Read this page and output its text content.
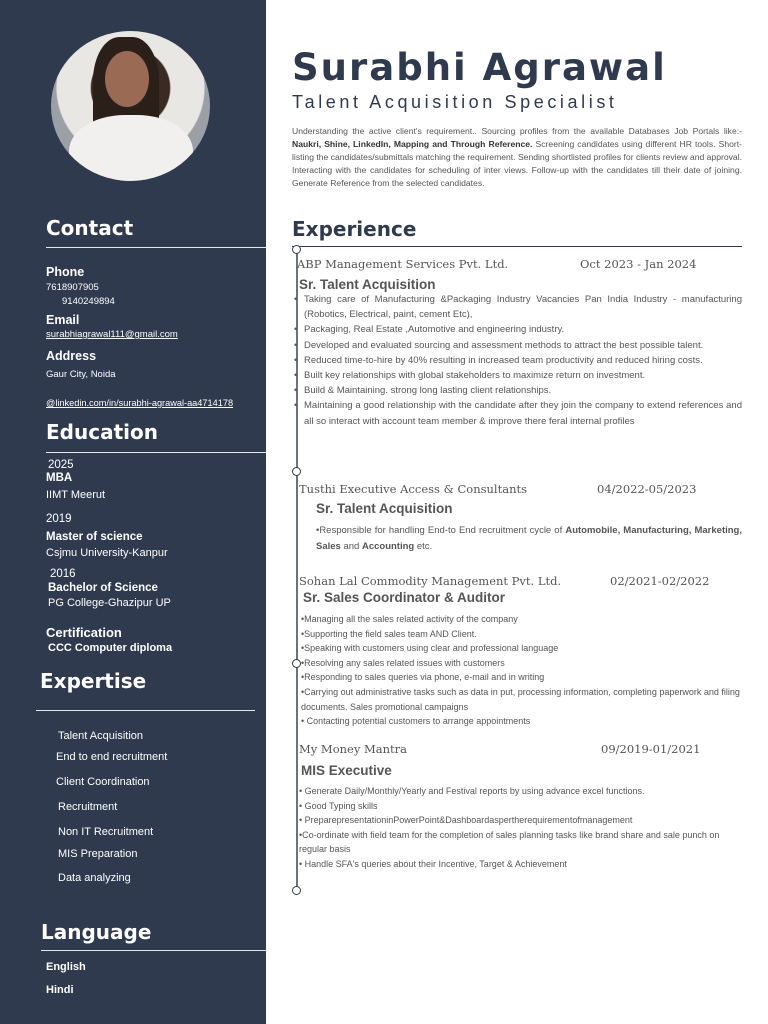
Contact
Phone
7618907905
9140249894
Email
surabhiagrawal111@gmail.com
Address
Gaur City, Noida
@linkedin.com/in/surabhi-agrawal-aa4714178
Education
2025
MBA
IIMT Meerut
2019
Master of science
Csjmu University-Kanpur
2016
Bachelor of Science
PG College-Ghazipur UP
Certification
CCC Computer diploma
Expertise
Talent Acquisition
End to end recruitment
Client Coordination
Recruitment
Non IT Recruitment
MIS Preparation
Data analyzing
Language
English
Hindi
Surabhi Agrawal
Talent Acquisition Specialist
Understanding the active client's requirement.. Sourcing profiles from the available Databases Job Portals like:- Naukri, Shine, LinkedIn, Mapping and Through Reference. Screening candidates using different HR tools. Short-listing the candidates/submittals matching the requirement. Sending shortlisted profiles for clients review and approval. Interacting with the candidates for scheduling of inter views. Follow-up with the candidates till their date of joining. Generate Reference from the selected candidates.
Experience
ABP Management Services Pvt. Ltd.	Oct 2023 - Jan 2024
Sr. Talent Acquisition
• Taking care of Manufacturing &Packaging Industry Vacancies Pan India Industry - manufacturing (Robotics, Electrical, paint, cement Etc),
• Packaging, Real Estate ,Automotive and engineering industry.
• Developed and evaluated sourcing and assessment methods to attract the best possible talent.
• Reduced time-to-hire by 40% resulting in increased team productivity and reduced hiring costs.
• Built key relationships with global stakeholders to maximize return on investment.
• Build & Maintaining. strong long lasting client relationships.
• Maintaining a good relationship with the candidate after they join the company to extend references and all so interact with account team member & improve there feral internal profiles
Tusthi Executive Access & Consultants	04/2022-05/2023
Sr. Talent Acquisition
•Responsible for handling End-to End recruitment cycle of Automobile, Manufacturing, Marketing, Sales and Accounting etc.
Sohan Lal Commodity Management Pvt. Ltd.	02/2021-02/2022
Sr. Sales Coordinator & Auditor
•Managing all the sales related activity of the company
•Supporting the field sales team AND Client.
•Speaking with customers using clear and professional language
•Resolving any sales related issues with customers
•Responding to sales queries via phone, e-mail and in writing
•Carrying out administrative tasks such as data in put, processing information, completing paperwork and filing documents. Sales promotional campaigns
• Contacting potential customers to arrange appointments
My Money Mantra	09/2019-01/2021
MIS Executive
• Generate Daily/Monthly/Yearly and Festival reports by using advance excel functions.
• Good Typing skills
• PreparepresentationinPowerPoint&Dashboardaspertherequirementofmanagement
•Co-ordinate with field team for the completion of sales planning tasks like brand share and sale punch on regular basis
• Handle SFA's queries about their Incentive, Target & Achievement
